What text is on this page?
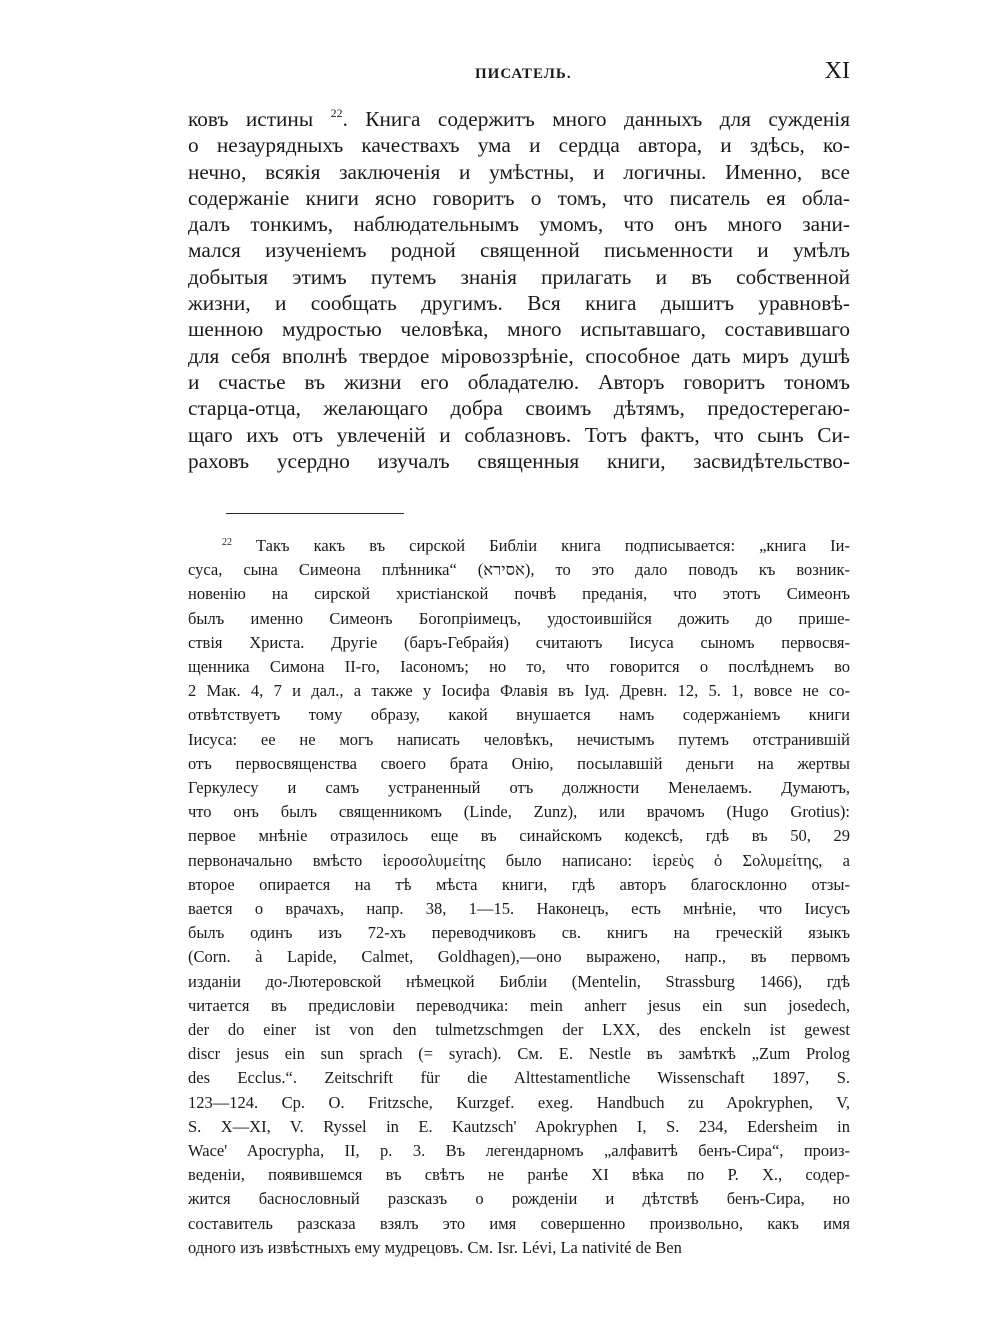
ПИСАТЕЛЬ.	XI
ковъ истины $^{22}$. Книга содержитъ много данныхъ для сужденія
о незаурядныхъ качествахъ ума и сердца автора, и здѣсь, ко-
нечно, всякія заключенія и умѣстны, и логичны. Именно, все
содержаніе книги ясно говоритъ о томъ, что писатель ея обла-
далъ тонкимъ, наблюдательнымъ умомъ, что онъ много зани-
мался изученіемъ родной священной письменности и умѣлъ
добытыя этимъ путемъ знанія прилагать и въ собственной
жизни, и сообщать другимъ. Вся книга дышитъ уравновѣ-
шенною мудростью человѣка, много испытавшаго, составившаго
для себя вполнѣ твердое міровоззрѣніе, способное дать миръ душѣ
и счастье въ жизни его обладателю. Авторъ говоритъ тономъ
старца-отца, желающаго добра своимъ дѣтямъ, предостерегаю-
щаго ихъ отъ увлеченій и соблазновъ. Тотъ фактъ, что сынъ Си-
раховъ усердно изучалъ священныя книги, засвидѣтельство-
$^{22}$ Такъ какъ въ сирской Библіи книга подписывается: „книга Іи-
суса, сына Симеона плѣнника“ (אסירא), то это дало поводъ къ возник-
новенію на сирской христіанской почвѣ преданія, что этотъ Симеонъ
былъ именно Симеонъ Богопріимецъ, удостоившійся дожить до прише-
ствія Христа. Другіе (баръ-Гебрайя) считаютъ Іисуса сыномъ первосвя-
щенника Симона II-го, Іасономъ; но то, что говорится о послѣднемъ во
2 Мак. 4, 7 и дал., а также у Іосифа Флавія въ Іуд. Древн. 12, 5. 1, вовсе не со-
отвѣтствуетъ тому образу, какой внушается намъ содержаніемъ книги
Іисуса: ее не могъ написать человѣкъ, нечистымъ путемъ отстранившій
отъ первосвященства своего брата Онію, посылавшій деньги на жертвы
Геркулесу и самъ устраненный отъ должности Менелаемъ. Думаютъ,
что онъ былъ священникомъ (Linde, Zunz), или врачомъ (Hugo Grotius):
первое мнѣніе отразилось еще въ синайскомъ кодексѣ, гдѣ въ 50, 29
первоначально вмѣсто ἱεροσολυμείτης было написано: ἱερεὺς ὁ Σολυμείτης, а
второе опирается на тѣ мѣста книги, гдѣ авторъ благосклонно отзы-
вается о врачахъ, напр. 38, 1—15. Наконецъ, есть мнѣніе, что Іисусъ
былъ одинъ изъ 72-хъ переводчиковъ св. книгъ на греческій языкъ
(Corn. à Lapide, Calmet, Goldhagen),—оно выражено, напр., въ первомъ
изданіи до-Лютеровской нѣмецкой Библіи (Mentelin, Strassburg 1466), гдѣ
читается въ предисловіи переводчика: mein anherr jesus ein sun josedech,
der do einer ist von den tulmetzschmgen der LXX, des enckeln ist gewest
discr jesus ein sun sprach (= syrach). См. E. Nestle въ замѣткѣ „Zum Prolog
des Ecclus.“. Zeitschrift für die Alttestamentliche Wissenschaft 1897, S.
123—124. Ср. O. Fritzsche, Kurzgef. exeg. Handbuch zu Apokryphen, V,
S. X—XI, V. Ryssel in E. Kautzsch' Apokryphen I, S. 234, Edersheim in
Wace' Apocrypha, II, p. 3. Въ легендарномъ „алфавитѣ бенъ-Сира“, произ-
веденіи, появившемся въ свѣтъ не ранѣе XI вѣка по Р. X., содер-
жится баснословный разсказъ о рожденіи и дѣтствѣ бенъ-Сира, но
составитель разсказа взялъ это имя совершенно произвольно, какъ имя
одного изъ извѣстныхъ ему мудрецовъ. См. Isr. Lévi, La nativité de Ben
